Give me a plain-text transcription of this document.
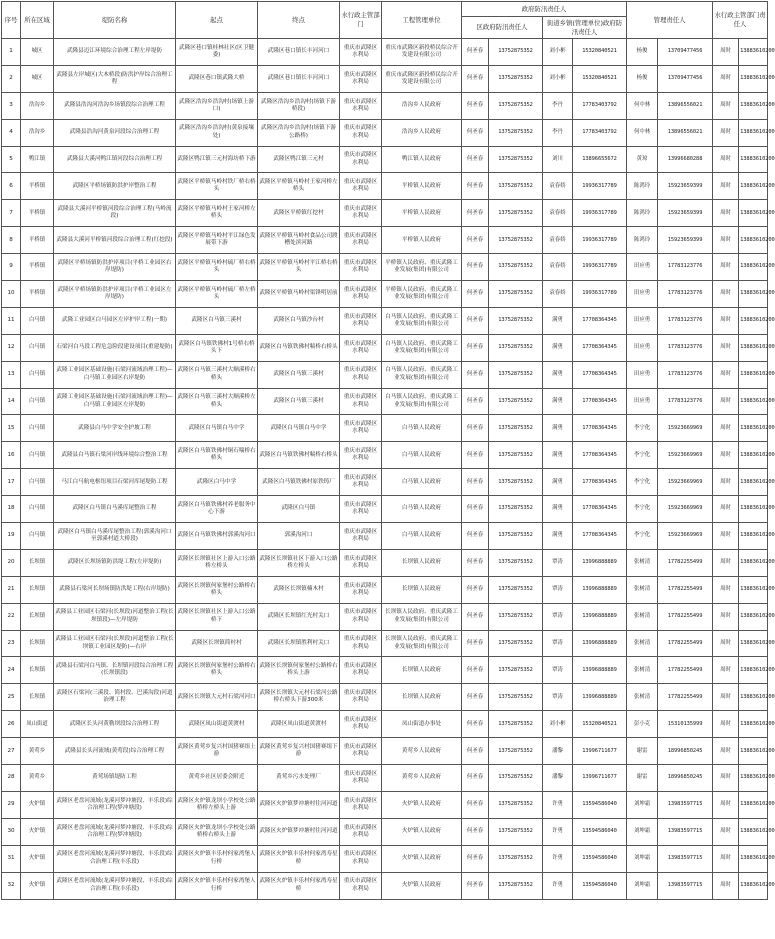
序号	所在区域	堤防名称	起点	终点	水行政主管部门	工程管理单位	政府防汛责任人				管理责任人		水行政主管部门责任人	
							区政府防汛责任人		街道乡镇(管理单位)政府防汛责任人					
1	城区	武隆县迈江环境综合治理工程左岸堤防	武隆区巷口镇桂林社区(区卫健委)	武隆区巷口镇长丰河河口	重庆市武隆区水利局	重庆市武隆区新投桥民综合开发建设有限公司	何圣春	13752875352	刘小彬	15320840521	杨俊	13709477456	周时	13883610200
2	城区	武隆县左岸城区(大木桥段)防洪护岸综合治理工程	武隆区巷口镇武隆大桥	武隆区巷口镇长丰河河口	重庆市武隆区水利局	重庆市武隆区新投桥民综合开发建设有限公司	何圣春	13752875352	刘小彬	15320840521	杨俊	13709477456	周时	13883610200
3	浩沟乡	武隆县浩沟河浩沟乡场镇段综合治理工程	武隆区浩沟乡浩沟村(场镇上游口)	武隆区浩沟乡浩沟村(场镇下游桥段)	重庆市武隆区水利局	浩沟乡人民政府	何圣春	13752875352	李丹	17783403792	何中林	13896556021	周时	13883610200
4	浩沟乡	武隆县浩沟河黄泉河段综合治理工程	武隆区浩沟乡浩沟村(黄泉接壤处)	武隆区浩沟乡浩沟村(场镇下游公路桥)	重庆市武隆区水利局	浩沟乡人民政府	何圣春	13752875352	李丹	17783403792	何中林	13896556021	周时	13883610200
5	鸭江镇	武隆县大溪河鸭江镇河段综合治理工程	武隆区鸭江镇三元村海坊桥下游	武隆区鸭江镇三元村	重庆市武隆区水利局	鸭江镇人民政府	何圣春	13752875352	刘川	13896655672	黄琼	13996680288	周时	13883610200
6	平桥镇	武隆区平桥场镇防洪护岸整治工程	武隆区平桥镇马岭村铁厂桥右桥头	武隆区平桥镇马岭村王家河桥左桥头	重庆市武隆区水利局	平桥镇人民政府	何圣春	13752875352	袁春娇	19936317789	陈鸿玲	15923659399	周时	13883610200
7	平桥镇	武隆县大溪河平桥镇河段综合治理工程(马岭流段)	武隆区平桥镇马岭村王家河桥左桥头	武隆区平桥镇红挖村	重庆市武隆区水利局	平桥镇人民政府	何圣春	13752875352	袁春娇	19936317789	陈鸿玲	15923659399	周时	13883610200
8	平桥镇	武隆县大溪河平桥镇河段综合治理工程(红挖段)	武隆区平桥镇马岭村平江绿色发展带下游	武隆区平桥镇马岭村食品公司渡槽处滨河路	重庆市武隆区水利局	平桥镇人民政府	何圣春	13752875352	袁春娇	19936317789	陈鸿玲	15923659399	周时	13883610200
9	平桥镇	武隆区平桥场镇防洪护岸项目(平桥工业园区右岸堤防)	武隆区平桥镇马岭村硫厂桥右桥头	武隆区平桥镇马岭村平江桥右桥头	重庆市武隆区水利局	平桥镇人民政府、重庆武隆工业发展(集团)有限公司	何圣春	13752875352	袁春娇	19936317789	田应勇	17783123776	周时	13883610200
10	平桥镇	武隆区平桥场镇防洪护岸项目(平桥工业园区左岸堤防)	武隆区平桥镇马岭村硫厂桥左桥头	武隆区平桥镇马岭村渠锋明居前	重庆市武隆区水利局	平桥镇人民政府、重庆武隆工业发展(集团)有限公司	何圣春	13752875352	袁春娇	19936317789	田应勇	17783123776	周时	13883610200
11	白马镇	武隆工业园区白马园区左岸护岸工程(一期)	武隆区白马镇三溪村	武隆区白马镇沙台村	重庆市武隆区水利局	白马镇人民政府、重庆武隆工业发展(集团)有限公司	何圣春	13752875352	满勇	17708364345	田应勇	17783123776	周时	13883610200
12	白马镇	石梁河白马段工程危急险段建设项目(重建堤防)	武隆区白马镇铁佛村1号桥右桥头下	武隆区白马镇铁佛村喘桥右桥头	重庆市武隆区水利局	白马镇人民政府、重庆武隆工业发展(集团)有限公司	何圣春	13752875352	满勇	17708364345	田应勇	17783123776	周时	13883610200
13	白马镇	武隆工业园区基础设施(石梁河流域治理工程)—白马镇工业园区右岸堤防	武隆区白马镇三溪村大顺溪桥右桥头	武隆区白马镇三溪村	重庆市武隆区水利局	白马镇人民政府、重庆武隆工业发展(集团)有限公司	何圣春	13752875352	满勇	17708364345	田应勇	17783123776	周时	13883610200
14	白马镇	武隆工业园区基础设施(石梁河流域治理工程)—白马镇工业园区左岸堤防	武隆区白马镇三溪村大顺溪桥左桥头	武隆区白马镇三溪村	重庆市武隆区水利局	白马镇人民政府、重庆武隆工业发展(集团)有限公司	何圣春	13752875352	满勇	17708364345	田应勇	17783123776	周时	13883610200
15	白马镇	武隆县白马中学安全护坡工程	武隆区白马镇白马中学	武隆区白马镇白马中学	重庆市武隆区水利局	白马镇人民政府	何圣春	13752875352	满勇	17708364345	李宁化	15923669969	周时	13883610200
16	白马镇	武隆县白马镇石梁河岸线环境综合整治工程	武隆区白马镇铁佛村铜石喘桥右桥头	武隆区白马镇铁佛村喘桥右桥头	重庆市武隆区水利局	白马镇人民政府	何圣春	13752875352	满勇	17708364345	李宁化	15923669969	周时	13883610200
17	白马镇	马江白马航电枢纽项目石梁河库尾堤防工程	武隆区白马中学	武隆区白马镇铁佛村原铁铸厂	重庆市武隆区水利局	白马镇人民政府	何圣春	13752875352	满勇	17708364345	李宁化	15923669969	周时	13883610200
18	白马镇	武隆区白马镇白马溪库尾整治工程	武隆区白马镇铁佛村养老服务中心下游	武隆区白马镇	重庆市武隆区水利局	白马镇人民政府	何圣春	13752875352	满勇	17708364345	李宁化	15923669969	周时	13883610200
19	白马镇	武隆区白马镇白马溪库尾整治工程(郭溪沟河口至郭溪村道大桥段)	武隆区白马镇铁佛村郭溪沟河口	郭溪沟河口	重庆市武隆区水利局	白马镇人民政府	何圣春	13752875352	满勇	17708364345	李宁化	15923669969	周时	13883610200
20	长坝镇	武隆区长坝场镇防洪堤工程(左岸堤防)	武隆区长坝镇社区上游入口公路桥左桥头	武隆区长坝镇社区下游入口公路桥左桥头	重庆市武隆区水利局	长坝镇人民政府	何圣春	13752875352	覃涛	13996888889	张树清	17782255499	周时	13883610200
21	长坝镇	武隆县石梁河长坝场镇防洪堤工程(右岸堤防)	武隆区长坝镇何家堡村公路桥右桥头	武隆区长坝镇楠木村	重庆市武隆区水利局	长坝镇人民政府	何圣春	13752875352	覃涛	13996888889	张树清	17782255499	周时	13883610200
22	长坝镇	武隆县工业园区石梁河(长坝段)河道整治工程(长坝镇段)—左岸堤防	武隆区长坝镇社区上游入口公路桥下	武隆区长坝镇红光村关口	重庆市武隆区水利局	长坝镇人民政府、重庆武隆工业发展(集团)有限公司	何圣春	13752875352	覃涛	13996888889	张树清	17782255499	周时	13883610200
23	长坝镇	武隆县工业园区石梁河(长坝段)河道整治工程(长坝镇工业园区堤防)—右岸	武隆区长坝镇简村村	武隆区长坝镇胜利村关口	重庆市武隆区水利局	长坝镇人民政府、重庆武隆工业发展(集团)有限公司	何圣春	13752875352	覃涛	13996888889	张树清	17782255499	周时	13883610200
24	长坝镇	武隆县石梁河白马镇、长坝镇河段综合治理工程(长坝镇段)	武隆区长坝镇何家堡村公路桥右桥头	武隆区长坝镇何家堡村公路桥右桥头上游	重庆市武隆区水利局	长坝镇人民政府	何圣春	13752875352	覃涛	13996888889	张树清	17782255499	周时	13883610200
25	长坝镇	武隆区石梁河(三溪段、简村段、巴溪沟段)河道治理工程	武隆区长坝镇大元村石梁河河口	武隆区长坝镇大元村石梁河公路桥右桥头下游300米	重庆市武隆区水利局	长坝镇人民政府	何圣春	13752875352	覃涛	13996888889	张树清	17782255499	周时	13883610200
26	凤山街道	武隆区长头河黄勒坝段综合治理工程	武隆区凤山街道黄渡村	武隆区凤山街道黄渡村	重庆市武隆区水利局	凤山街道办事处	何圣春	13752875352	刘小彬	15320840521	彭小克	15310135999	周时	13883610200
27	黄莺乡	武隆县长头河流域(黄莺段)综合治理工程	武隆区黄莺乡复兴村国猪赛组上游	武隆区黄莺乡复兴村国猪赛组下游	重庆市武隆区水利局	黄莺乡人民政府	何圣春	13752875352	潘黎	13996711677	谢雷	18996850245	周时	13883610200
28	黄莺乡	黄莺场镇堤防工程	黄莺乡社区居委会附近	黄莺乡污水处理厂	重庆市武隆区水利局	黄莺乡人民政府	何圣春	13752875352	潘黎	13996711677	谢雷	18996850245	周时	13883610200
29	火炉镇	武隆区老盘河流域(龙溪河梦冲塘段、丰乐段)综合治理工程(梦冲塘段)	武隆区火炉镇龙坝小学校处公路桥桥左桥头上游	武隆区火炉镇梦冲塘村往河河道	重庆市武隆区水利局	火炉镇人民政府	何圣春	13752875352	许勇	13594586040	刘坤霜	13983597715	周时	13883610200
30	火炉镇	武隆区老盘河流域(龙溪河梦冲塘段、丰乐段)综合治理工程(梦冲塘段)	武隆区火炉镇龙坝小学校处公路桥桥右桥头上游	武隆区火炉镇梦冲塘村往河河道	重庆市武隆区水利局	火炉镇人民政府	何圣春	13752875352	许勇	13594586040	刘坤霜	13983597715	周时	13883610200
31	火炉镇	武隆区老盘河流域(龙溪河梦冲塘段、丰乐段)综合治理工程(丰乐段)	武隆区火炉镇丰乐村何家湾堡人行桥	武隆区火炉镇丰乐村何家湾寿星桥	重庆市武隆区水利局	火炉镇人民政府	何圣春	13752875352	许勇	13594586040	刘坤霜	13983597715	周时	13883610200
32	火炉镇	武隆区老盘河流域(龙溪河梦冲塘段、丰乐段)综合治理工程(丰乐段)	武隆区火炉镇丰乐村何家湾堡人行桥	武隆区火炉镇丰乐村何家湾寿星桥	重庆市武隆区水利局	火炉镇人民政府	何圣春	13752875352	许勇	13594586040	刘坤霜	13983597715	周时	13883610200
